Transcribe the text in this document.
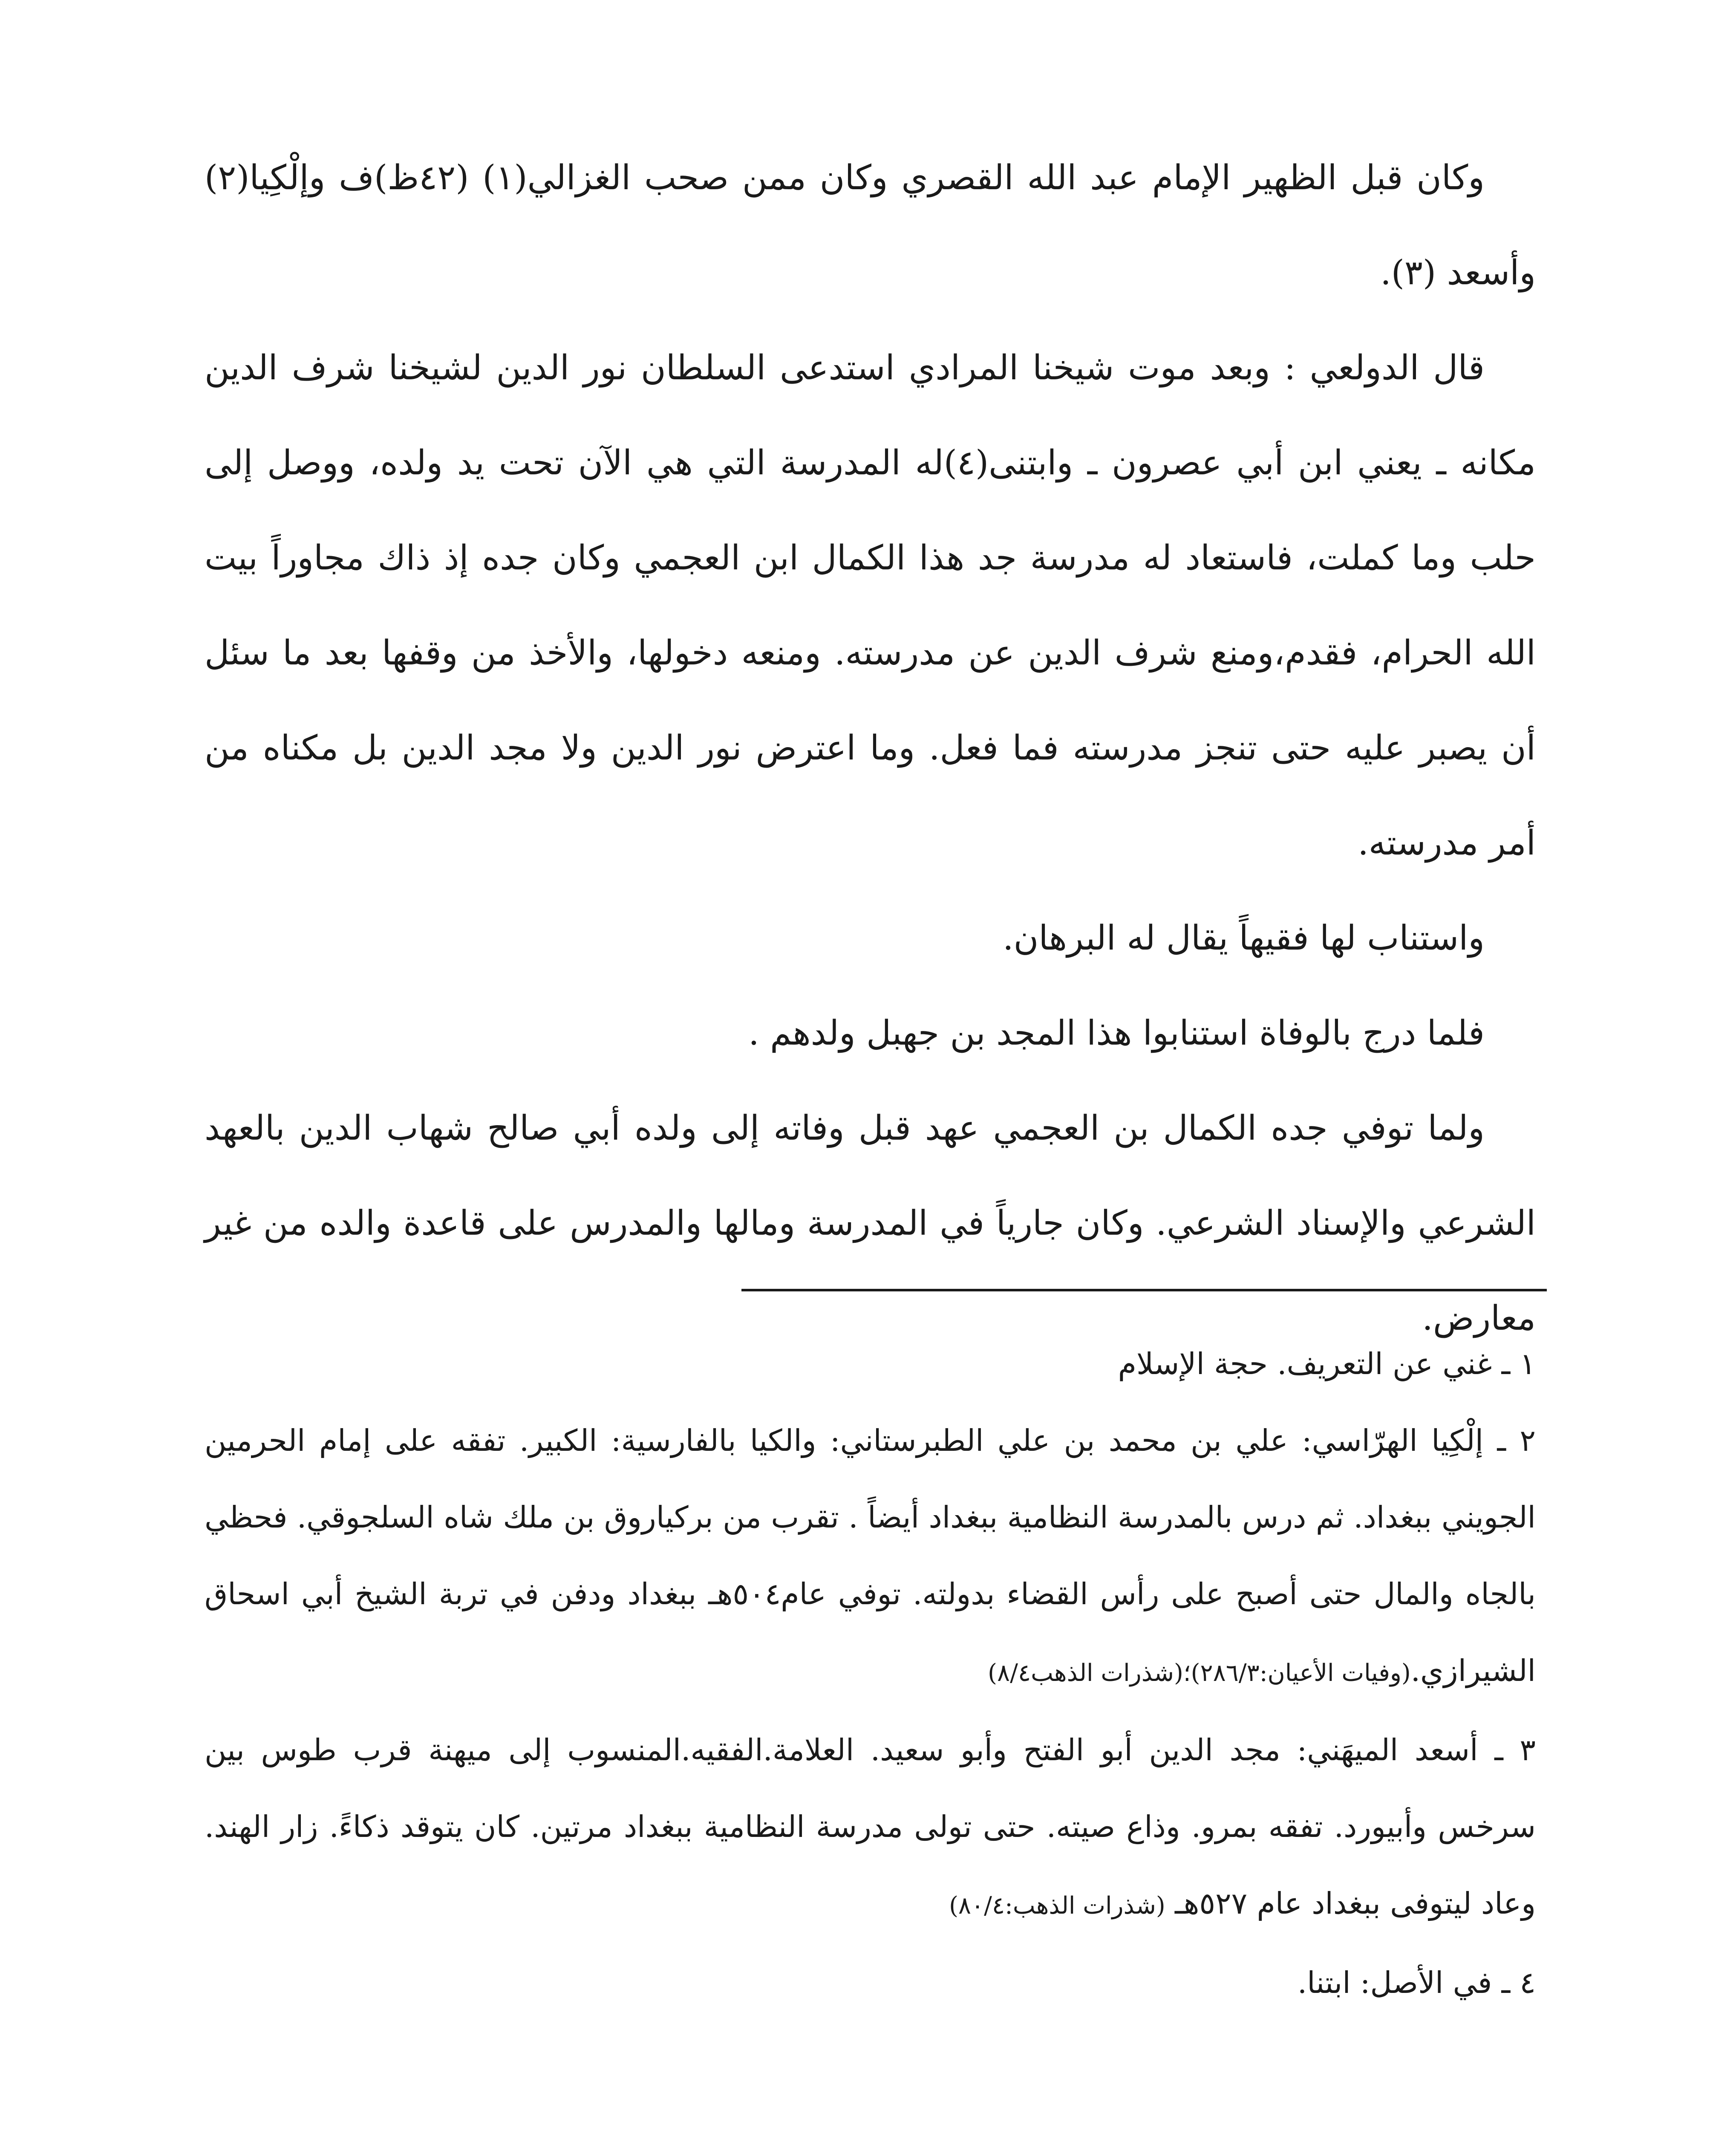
وكان قبل الظهير الإمام عبد الله القصري وكان ممن صحب الغزالي(١) (٤٢ظ)ف وإلْكِيا(٢) وأسعد (٣).

قال الدولعي : وبعد موت شيخنا المرادي استدعى السلطان نور الدين لشيخنا شرف الدين مكانه ـ يعني ابن أبي عصرون ـ وابتنى(٤)له المدرسة التي هي الآن تحت يد ولده، ووصل إلى حلب وما كملت، فاستعاد له مدرسة جد هذا الكمال ابن العجمي وكان جده إذ ذاك مجاوراً بيت الله الحرام، فقدم،ومنع شرف الدين عن مدرسته. ومنعه دخولها، والأخذ من وقفها بعد ما سئل أن يصبر عليه حتى تنجز مدرسته فما فعل. وما اعترض نور الدين ولا مجد الدين بل مكناه من أمر مدرسته.

واستناب لها فقيهاً يقال له البرهان.

فلما درج بالوفاة استنابوا هذا المجد بن جهبل ولدهم .

ولما توفي جده الكمال بن العجمي عهد قبل وفاته إلى ولده أبي صالح شهاب الدين بالعهد الشرعي والإسناد الشرعي. وكان جارياً في المدرسة ومالها والمدرس على قاعدة والده من غير معارض.

١ ـ غني عن التعريف. حجة الإسلام

٢ ـ إلْكِيا الهرّاسي: علي بن محمد بن علي الطبرستاني: والكيا بالفارسية: الكبير. تفقه على إمام الحرمين الجويني ببغداد. ثم درس بالمدرسة النظامية ببغداد أيضاً . تقرب من بركياروق بن ملك شاه السلجوقي. فحظي بالجاه والمال حتى أصبح على رأس القضاء بدولته. توفي عام٥٠٤هـ ببغداد ودفن في تربة الشيخ أبي اسحاق الشيرازي.(وفيات الأعيان:٢٨٦/٣)؛(شذرات الذهب٨/٤)

٣ ـ أسعد الميهَني: مجد الدين أبو الفتح وأبو سعيد. العلامة.الفقيه.المنسوب إلى ميهنة قرب طوس بين سرخس وأبيورد. تفقه بمرو. وذاع صيته. حتى تولى مدرسة النظامية ببغداد مرتين. كان يتوقد ذكاءً. زار الهند. وعاد ليتوفى ببغداد عام ٥٢٧هـ (شذرات الذهب:٨٠/٤)

٤ ـ في الأصل: ابتنا.
